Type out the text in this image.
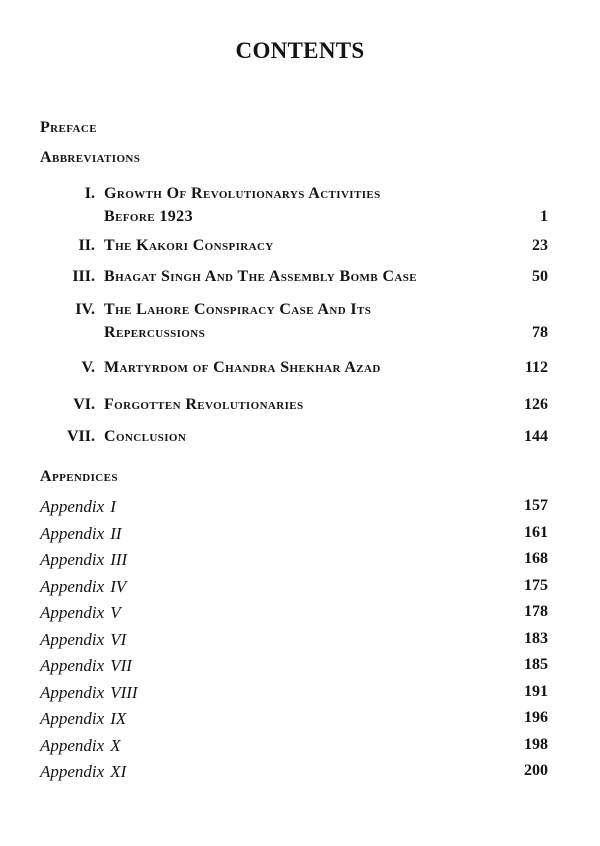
CONTENTS
Preface
Abbreviations
I. Growth Of Revolutionarys Activities
Before 1923	1
II. The Kakori Conspiracy	23
III. Bhagat Singh And The Assembly Bomb Case	50
IV. The Lahore Conspiracy Case And Its
Repercussions	78
V. Martyrdom of Chandra Shekhar Azad	112
VI. Forgotten Revolutionaries	126
VII. Conclusion	144
Appendices
Appendix I	157
Appendix II	161
Appendix III	168
Appendix IV	175
Appendix V	178
Appendix VI	183
Appendix VII	185
Appendix VIII	191
Appendix IX	196
Appendix X	198
Appendix XI	200
